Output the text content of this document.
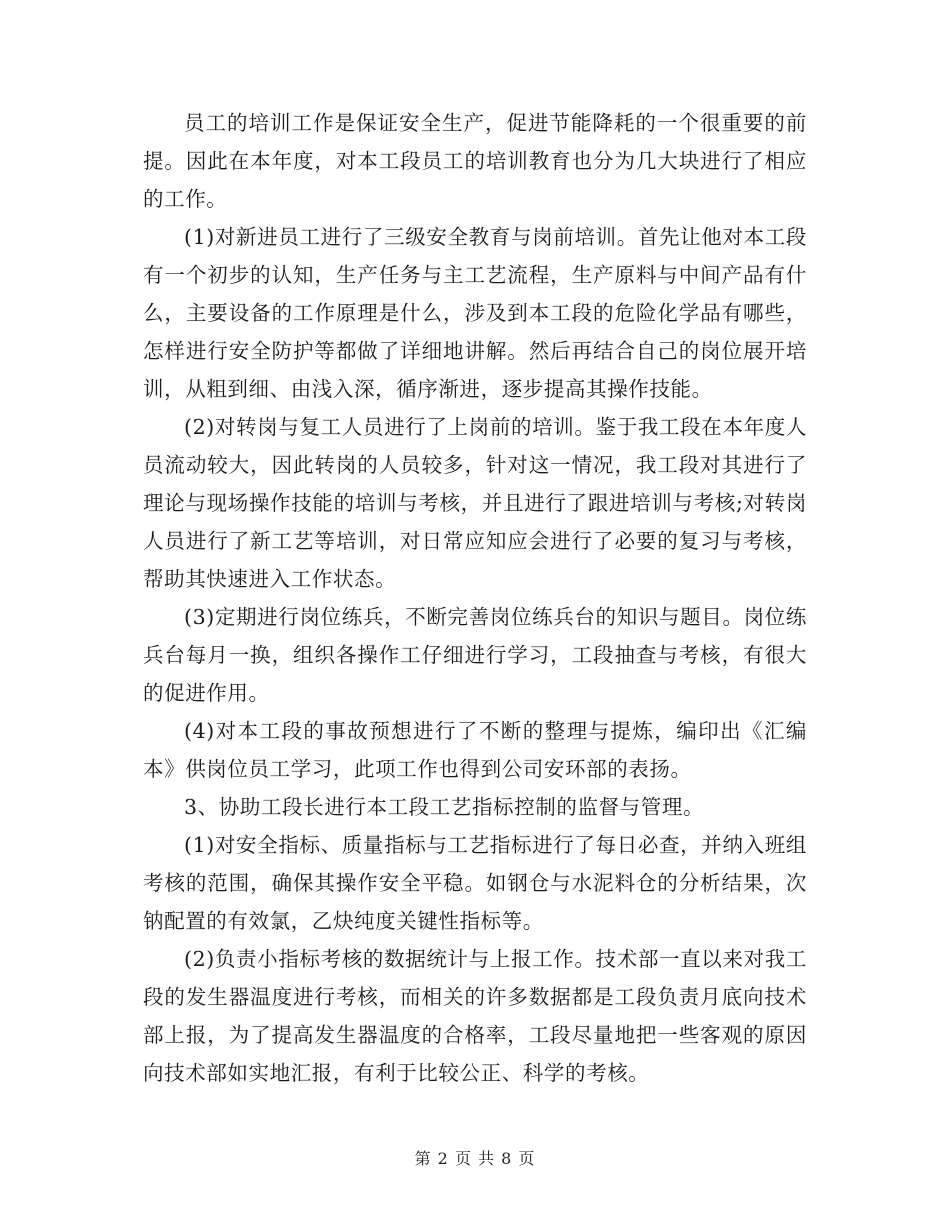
员工的培训工作是保证安全生产，促进节能降耗的一个很重要的前提。因此在本年度，对本工段员工的培训教育也分为几大块进行了相应的工作。

(1)对新进员工进行了三级安全教育与岗前培训。首先让他对本工段有一个初步的认知，生产任务与主工艺流程，生产原料与中间产品有什么，主要设备的工作原理是什么，涉及到本工段的危险化学品有哪些，怎样进行安全防护等都做了详细地讲解。然后再结合自己的岗位展开培训，从粗到细、由浅入深，循序渐进，逐步提高其操作技能。

(2)对转岗与复工人员进行了上岗前的培训。鉴于我工段在本年度人员流动较大，因此转岗的人员较多，针对这一情况，我工段对其进行了理论与现场操作技能的培训与考核，并且进行了跟进培训与考核;对转岗人员进行了新工艺等培训，对日常应知应会进行了必要的复习与考核，帮助其快速进入工作状态。

(3)定期进行岗位练兵，不断完善岗位练兵台的知识与题目。岗位练兵台每月一换，组织各操作工仔细进行学习，工段抽查与考核，有很大的促进作用。

(4)对本工段的事故预想进行了不断的整理与提炼，编印出《汇编本》供岗位员工学习，此项工作也得到公司安环部的表扬。

3、协助工段长进行本工段工艺指标控制的监督与管理。

(1)对安全指标、质量指标与工艺指标进行了每日必查，并纳入班组考核的范围，确保其操作安全平稳。如钢仓与水泥料仓的分析结果，次钠配置的有效氯，乙炔纯度关键性指标等。

(2)负责小指标考核的数据统计与上报工作。技术部一直以来对我工段的发生器温度进行考核，而相关的许多数据都是工段负责月底向技术部上报，为了提高发生器温度的合格率，工段尽量地把一些客观的原因向技术部如实地汇报，有利于比较公正、科学的考核。

第 2 页 共 8 页
